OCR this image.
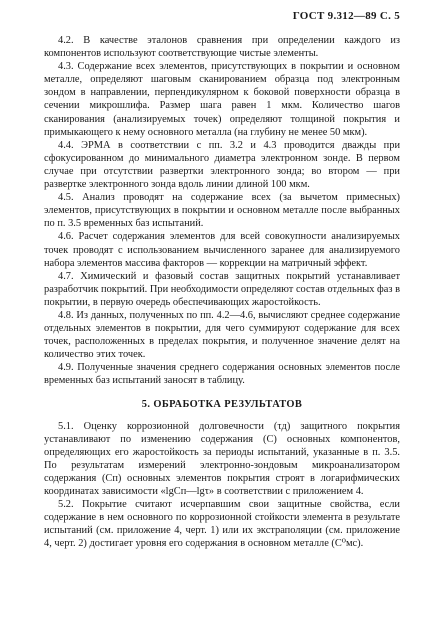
ГОСТ 9.312—89 С. 5

4.2. В качестве эталонов сравнения при определении каждого из компонентов используют соответствующие чистые элементы.

4.3. Содержание всех элементов, присутствующих в покрытии и основном металле, определяют шаговым сканированием образца под электронным зондом в направлении, перпендикулярном к боковой поверхности образца в сечении микрошлифа. Размер шага равен 1 мкм. Количество шагов сканирования (анализируемых точек) определяют толщиной покрытия и примыкающего к нему основного металла (на глубину не менее 50 мкм).

4.4. ЭРМА в соответствии с пп. 3.2 и 4.3 проводится дважды при сфокусированном до минимального диаметра электронном зонде. В первом случае при отсутствии развертки электронного зонда; во втором — при развертке электронного зонда вдоль линии длиной 100 мкм.

4.5. Анализ проводят на содержание всех (за вычетом примесных) элементов, присутствующих в покрытии и основном металле после выбранных по п. 3.5 временных баз испытаний.

4.6. Расчет содержания элементов для всей совокупности анализируемых точек проводят с использованием вычисленного заранее для анализируемого набора элементов массива факторов — коррекции на матричный эффект.

4.7. Химический и фазовый состав защитных покрытий устанавливает разработчик покрытий. При необходимости определяют состав отдельных фаз в покрытии, в первую очередь обеспечивающих жаростойкость.

4.8. Из данных, полученных по пп. 4.2—4.6, вычисляют среднее содержание отдельных элементов в покрытии, для чего суммируют содержание для всех точек, расположенных в пределах покрытия, и полученное значение делят на количество этих точек.

4.9. Полученные значения среднего содержания основных элементов после временных баз испытаний заносят в таблицу.

5. ОБРАБОТКА РЕЗУЛЬТАТОВ

5.1. Оценку коррозионной долговечности (τд) защитного покрытия устанавливают по изменению содержания (С) основных компонентов, определяющих его жаростойкость за периоды испытаний, указанные в п. 3.5. По результатам измерений электронно-зондовым микроанализатором содержания (Cп) основных элементов покрытия строят в логарифмических координатах зависимости «lgCп—lgτ» в соответствии с приложением 4.

5.2. Покрытие считают исчерпавшим свои защитные свойства, если содержание в нем основного по коррозионной стойкости элемента в результате испытаний (см. приложение 4, черт. 1) или их экстраполяции (см. приложение 4, черт. 2) достигает уровня его содержания в основном металле (C⁰мс).
